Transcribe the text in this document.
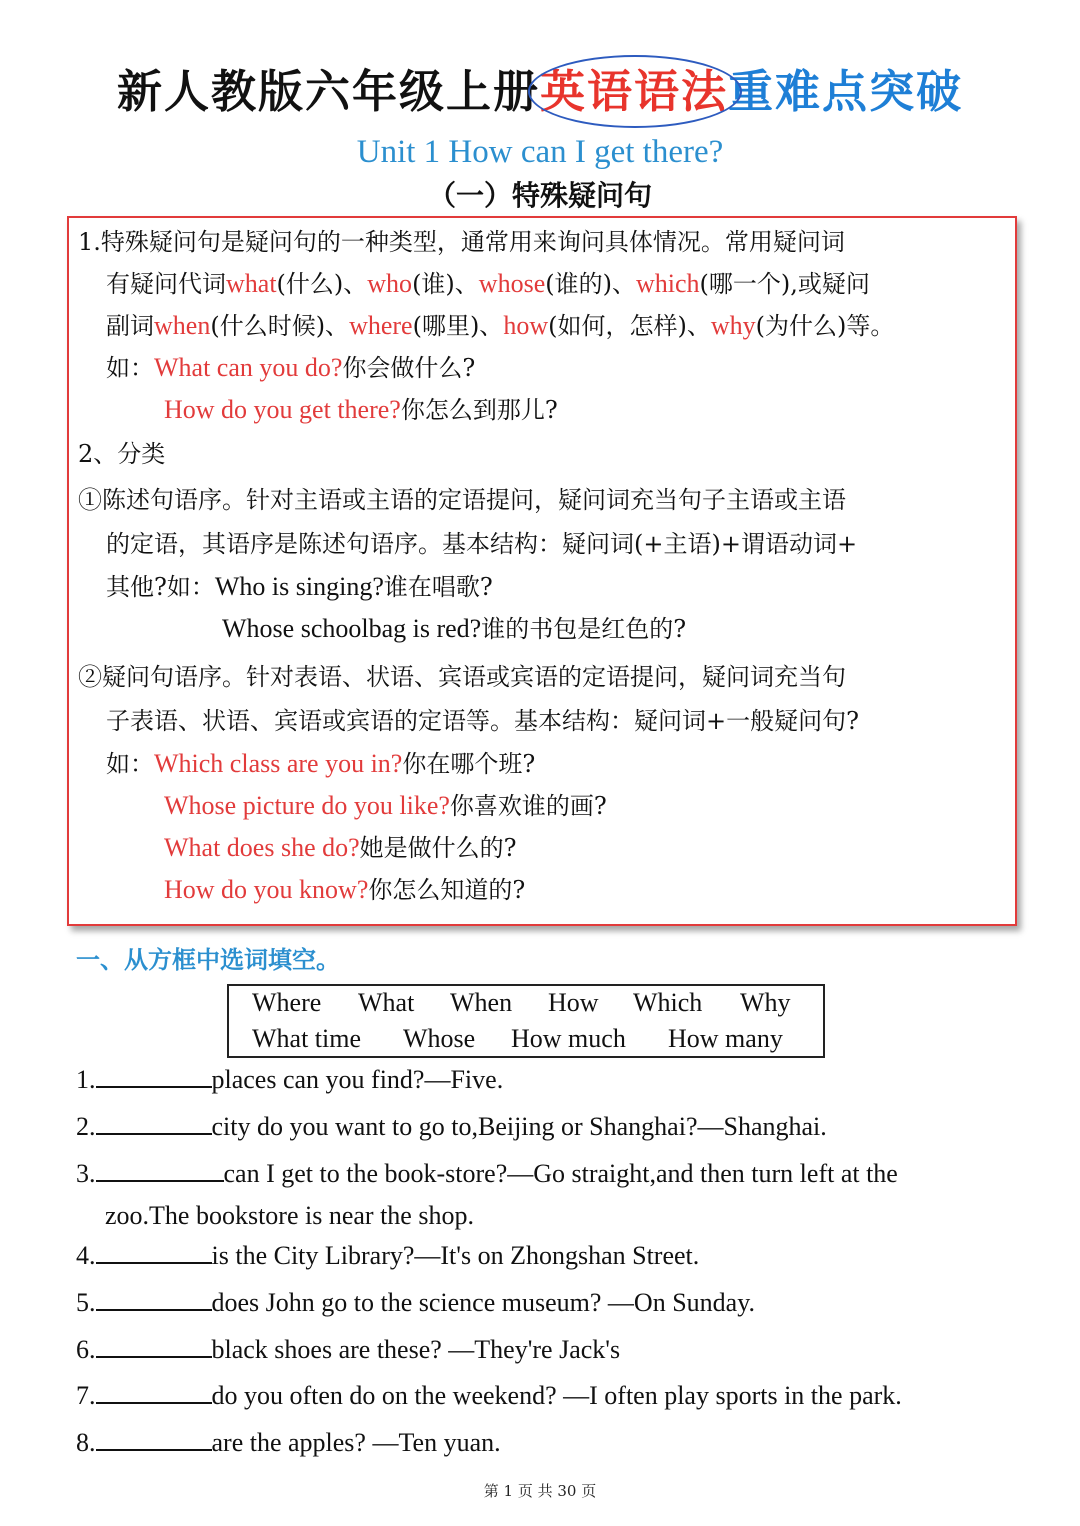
新人教版六年级上册英语语法
重难点突破
Unit 1 How can I get there?
（一）特殊疑问句
1.特殊疑问句是疑问句的一种类型，通常用来询问具体情况。常用疑问词
有疑问代词what(什么)、who(谁)、whose(谁的)、which(哪一个),或疑问
副词when(什么时候)、where(哪里)、how(如何，怎样)、why(为什么)等。
如：What can you do?你会做什么?
How do you get there?你怎么到那儿?
2、分类
①陈述句语序。针对主语或主语的定语提问，疑问词充当句子主语或主语
的定语，其语序是陈述句语序。基本结构：疑问词(+主语)+谓语动词+
其他?如：Who is singing?谁在唱歌?
Whose schoolbag is red?谁的书包是红色的?
②疑问句语序。针对表语、状语、宾语或宾语的定语提问，疑问词充当句
子表语、状语、宾语或宾语的定语等。基本结构：疑问词+一般疑问句?
如：Which class are you in?你在哪个班?
Whose picture do you like?你喜欢谁的画?
What does she do?她是做什么的?
How do you know?你怎么知道的?
一、从方框中选词填空。
Where What When How Which Why
What time Whose How much How many
1.	places can you find?—Five.
2.	city do you want to go to,Beijing or Shanghai?—Shanghai.
3.	can I get to the book-store?—Go straight,and then turn left at the
zoo.The bookstore is near the shop.
4.	is the City Library?—It's on Zhongshan Street.
5.	does John go to the science museum? —On Sunday.
6.	black shoes are these? —They're Jack's
7.	do you often do on the weekend? —I often play sports in the park.
8.	are the apples? —Ten yuan.
第 1 页 共 30 页
